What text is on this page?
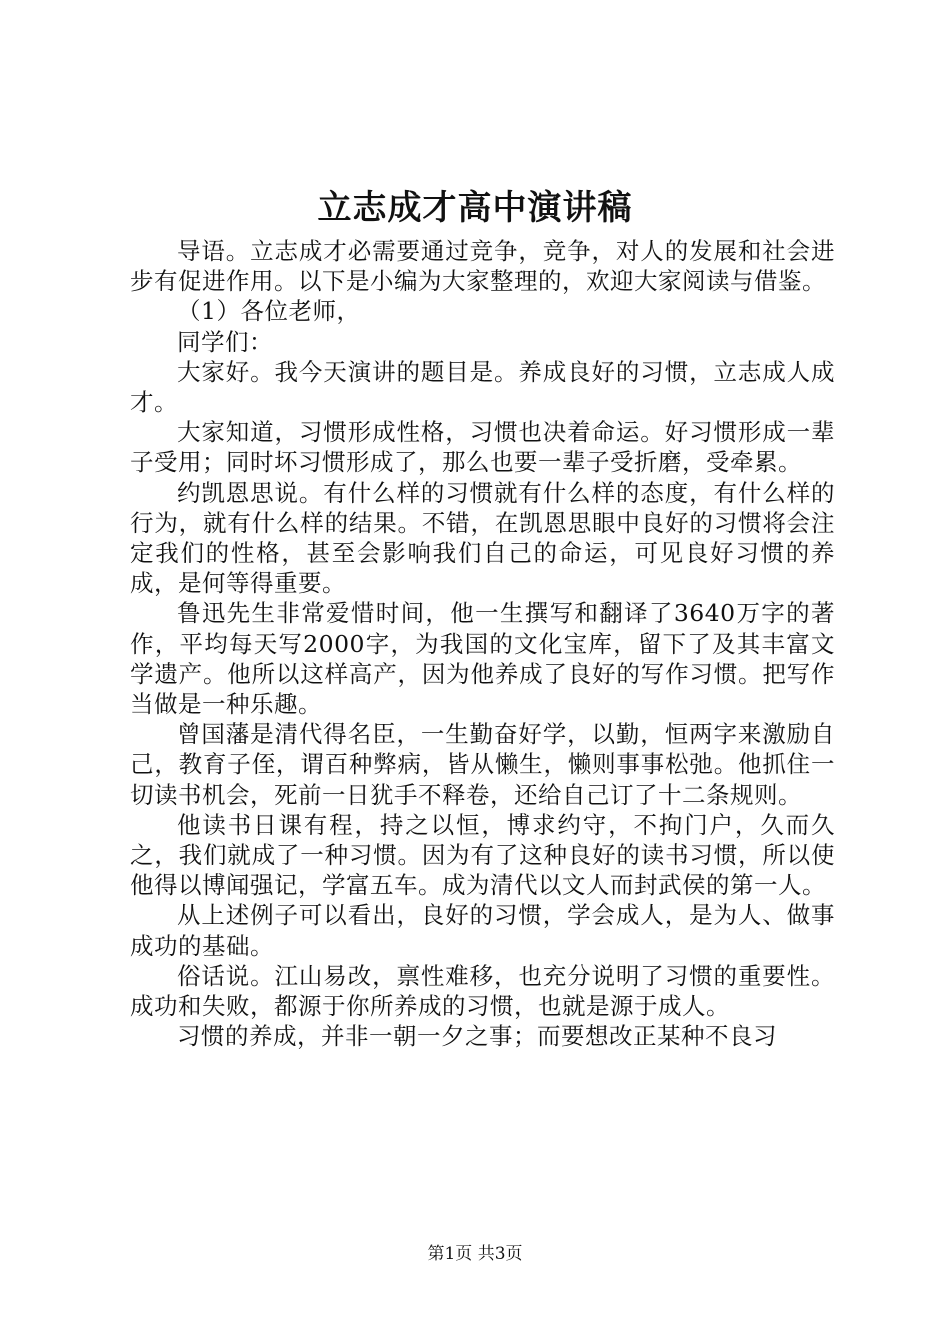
立志成才高中演讲稿

导语。立志成才必需要通过竞争，竞争，对人的发展和社会进步有促进作用。以下是小编为大家整理的，欢迎大家阅读与借鉴。

（1）各位老师，

同学们：

大家好。我今天演讲的题目是。养成良好的习惯，立志成人成才。

大家知道，习惯形成性格，习惯也决着命运。好习惯形成一辈子受用；同时坏习惯形成了，那么也要一辈子受折磨，受牵累。

约凯恩思说。有什么样的习惯就有什么样的态度，有什么样的行为，就有什么样的结果。不错，在凯恩思眼中良好的习惯将会注定我们的性格，甚至会影响我们自己的命运，可见良好习惯的养成，是何等得重要。

鲁迅先生非常爱惜时间，他一生撰写和翻译了3640万字的著作，平均每天写2000字，为我国的文化宝库，留下了及其丰富文学遗产。他所以这样高产，因为他养成了良好的写作习惯。把写作当做是一种乐趣。

曾国藩是清代得名臣，一生勤奋好学，以勤，恒两字来激励自己，教育子侄，谓百种弊病，皆从懒生，懒则事事松弛。他抓住一切读书机会，死前一日犹手不释卷，还给自己订了十二条规则。

他读书日课有程，持之以恒，博求约守，不拘门户，久而久之，我们就成了一种习惯。因为有了这种良好的读书习惯，所以使他得以博闻强记，学富五车。成为清代以文人而封武侯的第一人。

从上述例子可以看出，良好的习惯，学会成人，是为人、做事成功的基础。

俗话说。江山易改，禀性难移，也充分说明了习惯的重要性。成功和失败，都源于你所养成的习惯，也就是源于成人。

习惯的养成，并非一朝一夕之事；而要想改正某种不良习

第1页 共3页
